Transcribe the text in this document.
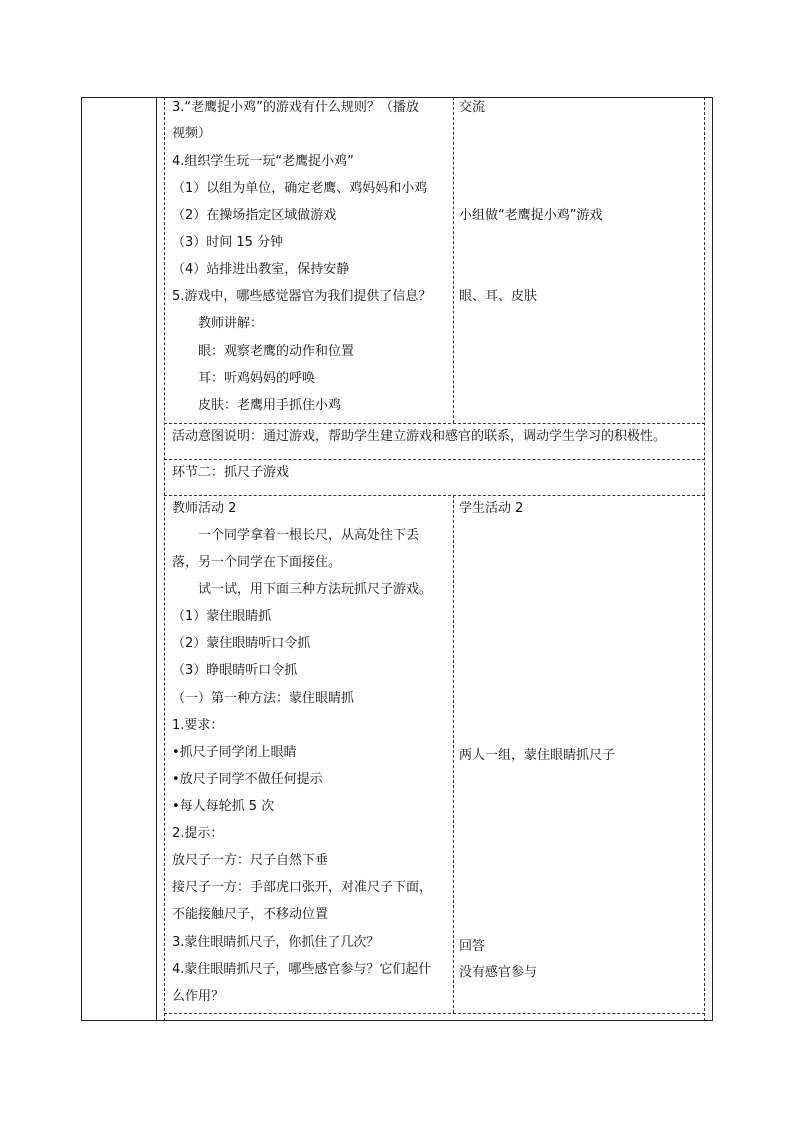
3.“老鹰捉小鸡”的游戏有什么规则？（播放
视频）
4.组织学生玩一玩“老鹰捉小鸡”
（1）以组为单位，确定老鹰、鸡妈妈和小鸡
（2）在操场指定区域做游戏
（3）时间 15 分钟
（4）站排进出教室，保持安静
5.游戏中，哪些感觉器官为我们提供了信息？
教师讲解：
眼：观察老鹰的动作和位置
耳：听鸡妈妈的呼唤
皮肤：老鹰用手抓住小鸡
交流
小组做“老鹰捉小鸡”游戏
眼、耳、皮肤
活动意图说明：通过游戏，帮助学生建立游戏和感官的联系，调动学生学习的积极性。
环节二：抓尺子游戏
教师活动 2
一个同学拿着一根长尺，从高处往下丢
落，另一个同学在下面接住。
试一试，用下面三种方法玩抓尺子游戏。
（1）蒙住眼睛抓
（2）蒙住眼睛听口令抓
（3）睁眼睛听口令抓
（一）第一种方法：蒙住眼睛抓
1.要求：
•抓尺子同学闭上眼睛
•放尺子同学不做任何提示
•每人每轮抓 5 次
2.提示：
放尺子一方：尺子自然下垂
接尺子一方：手部虎口张开，对准尺子下面，
不能接触尺子，不移动位置
3.蒙住眼睛抓尺子，你抓住了几次？
4.蒙住眼睛抓尺子，哪些感官参与？它们起什
么作用？
学生活动 2
两人一组，蒙住眼睛抓尺子
回答
没有感官参与
